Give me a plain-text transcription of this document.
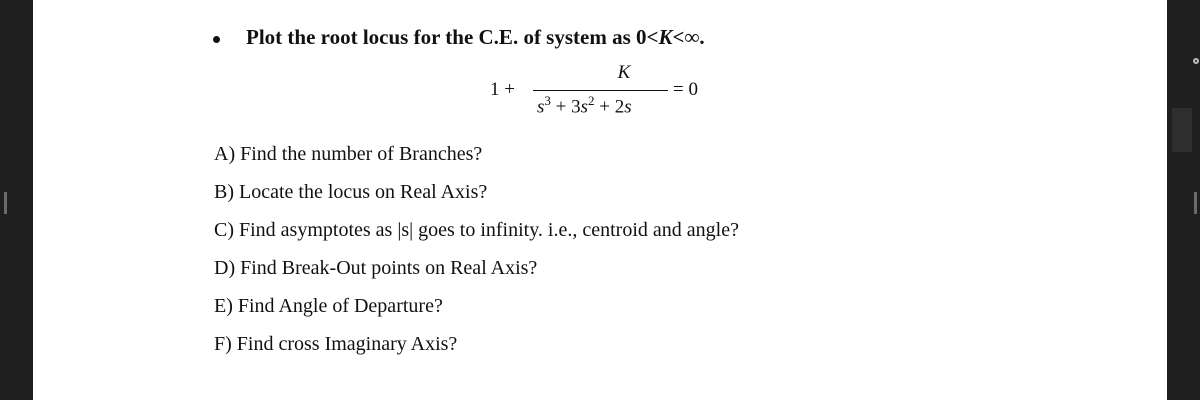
Plot the root locus for the C.E. of system as 0<K<∞.
1 +
K
$s^3 + 3s^2 + 2s$
= 0
A) Find the number of Branches?
B) Locate the locus on Real Axis?
C) Find asymptotes as |s| goes to infinity. i.e., centroid and angle?
D) Find Break-Out points on Real Axis?
E) Find Angle of Departure?
F) Find cross Imaginary Axis?
